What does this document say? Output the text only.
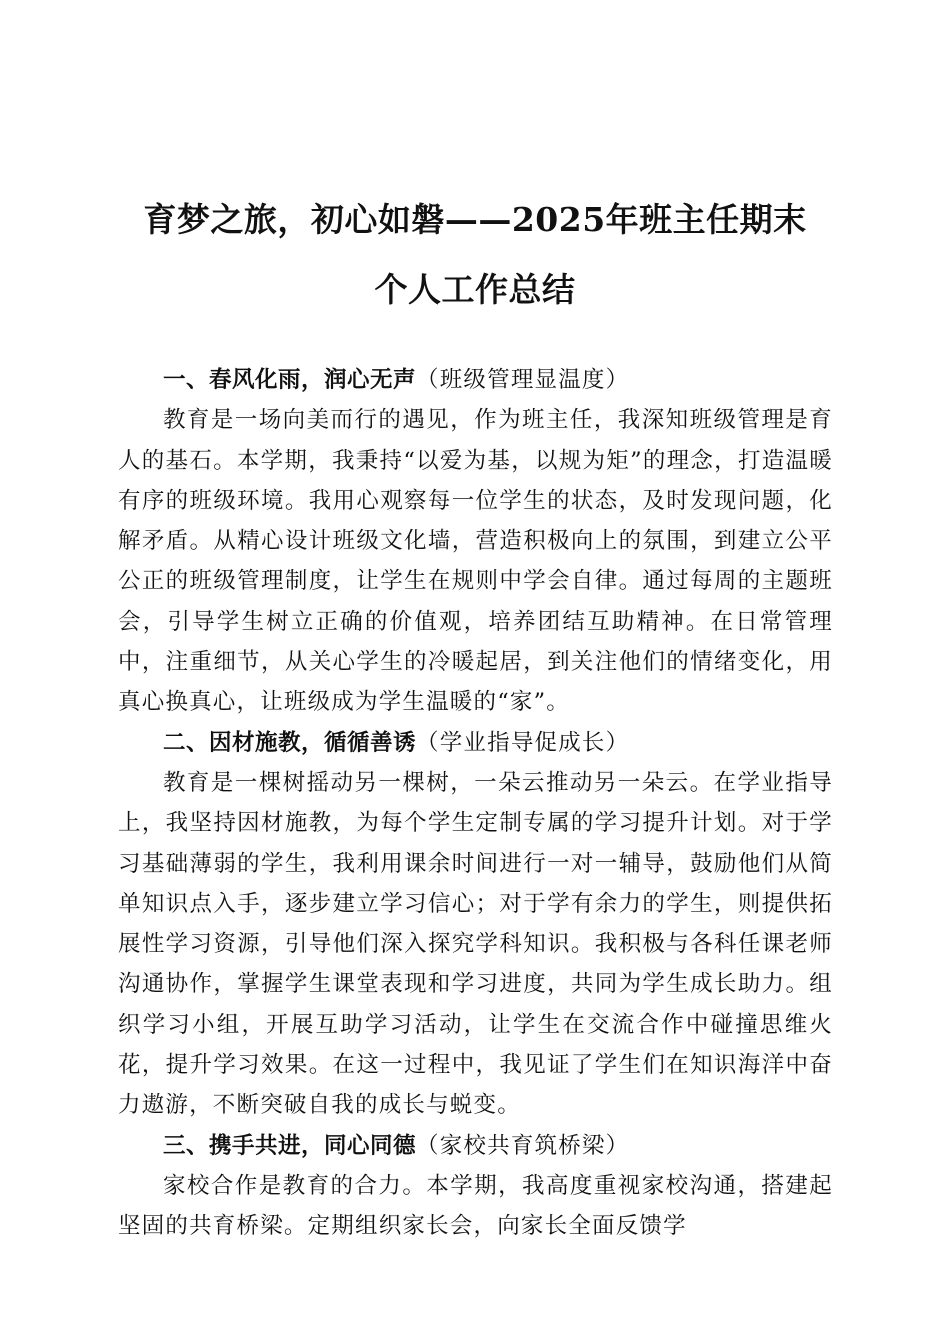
育梦之旅，初心如磐——2025年班主任期末
个人工作总结
一、春风化雨，润心无声（班级管理显温度）

教育是一场向美而行的遇见，作为班主任，我深知班级管理是育人的基石。本学期，我秉持“以爱为基，以规为矩”的理念，打造温暖有序的班级环境。我用心观察每一位学生的状态，及时发现问题，化解矛盾。从精心设计班级文化墙，营造积极向上的氛围，到建立公平公正的班级管理制度，让学生在规则中学会自律。通过每周的主题班会，引导学生树立正确的价值观，培养团结互助精神。在日常管理中，注重细节，从关心学生的冷暖起居，到关注他们的情绪变化，用真心换真心，让班级成为学生温暖的“家”。

二、因材施教，循循善诱（学业指导促成长）

教育是一棵树摇动另一棵树，一朵云推动另一朵云。在学业指导上，我坚持因材施教，为每个学生定制专属的学习提升计划。对于学习基础薄弱的学生，我利用课余时间进行一对一辅导，鼓励他们从简单知识点入手，逐步建立学习信心；对于学有余力的学生，则提供拓展性学习资源，引导他们深入探究学科知识。我积极与各科任课老师沟通协作，掌握学生课堂表现和学习进度，共同为学生成长助力。组织学习小组，开展互助学习活动，让学生在交流合作中碰撞思维火花，提升学习效果。在这一过程中，我见证了学生们在知识海洋中奋力遨游，不断突破自我的成长与蜕变。

三、携手共进，同心同德（家校共育筑桥梁）

家校合作是教育的合力。本学期，我高度重视家校沟通，搭建起坚固的共育桥梁。定期组织家长会，向家长全面反馈学
